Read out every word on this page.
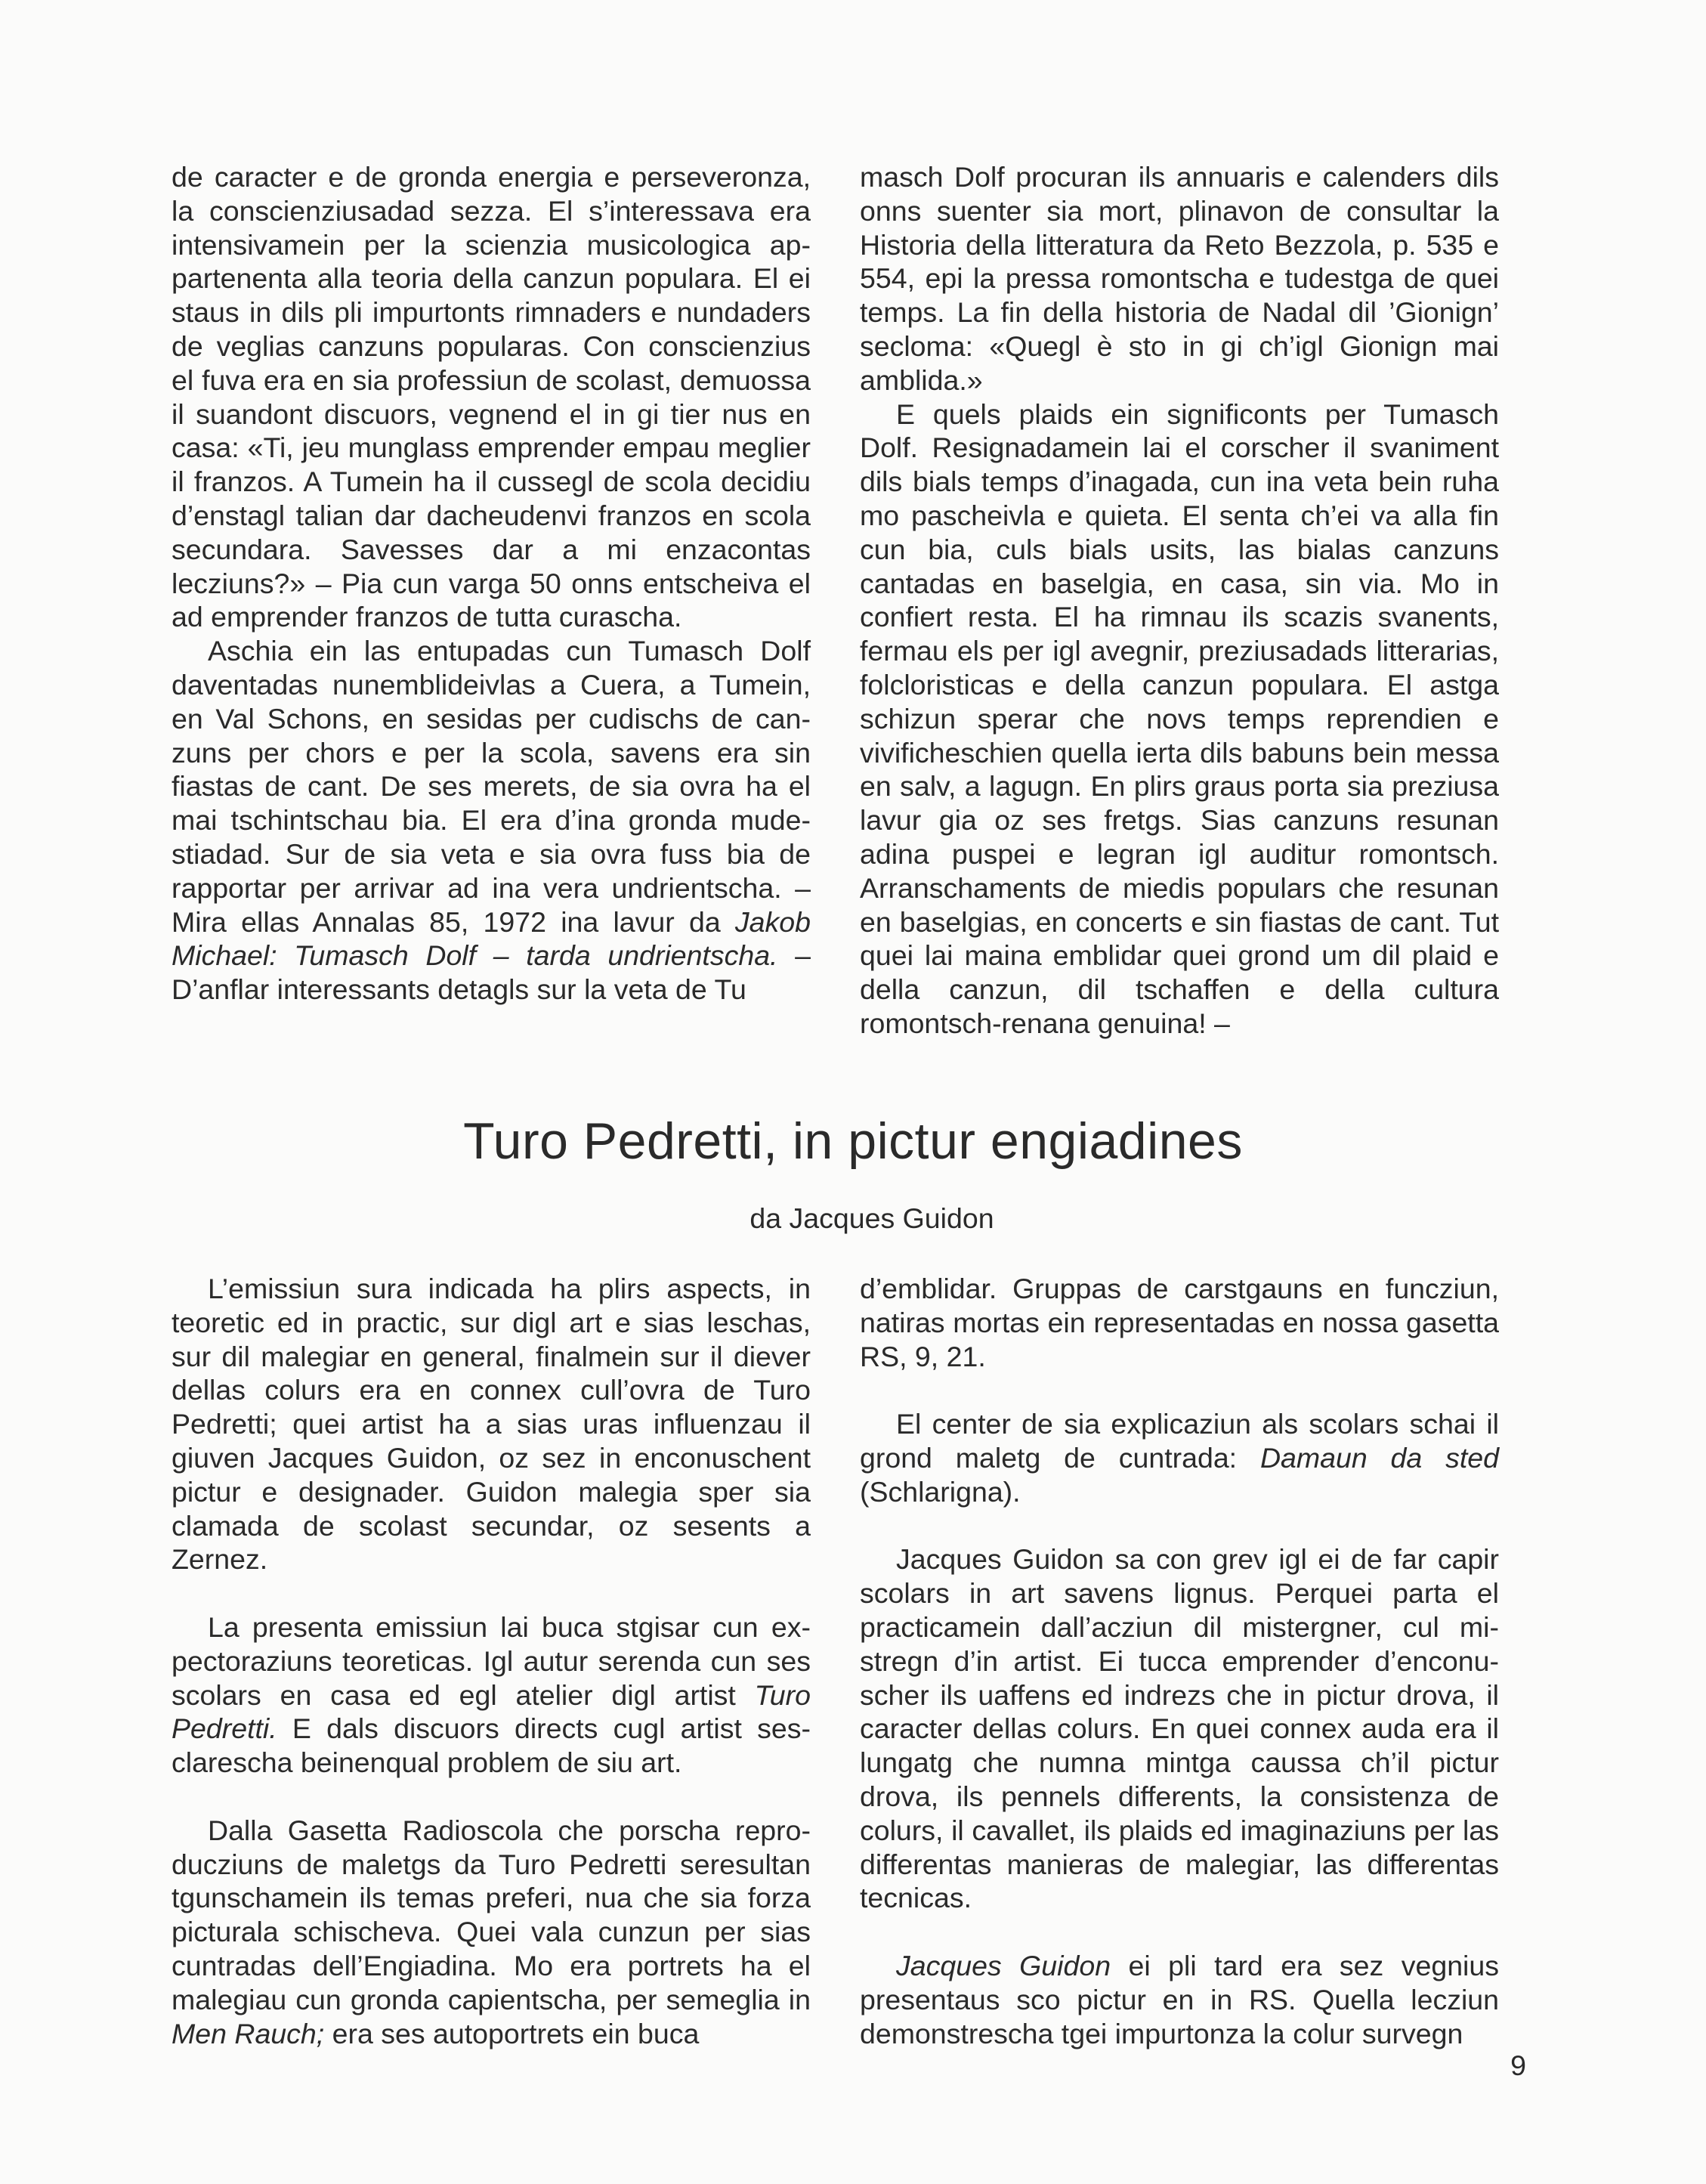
de caracter e de gronda energia e perseveronza, la conscienziusadad sezza. El s’interessava era intensivamein per la scienzia musicologica appartenenta alla teoria della canzun populara. El ei staus in dils pli impurtonts rimnaders e nundaders de veglias canzuns popularas. Con conscienzius el fuva era en sia professiun de scolast, demuossa il suandont discuors, vegnend el in gi tier nus en casa: «Ti, jeu munglass emprender empau meglier il franzos. A Tumein ha il cussegl de scola decidiu d’enstagl talian dar dacheudenvi franzos en scola secundara. Savesses dar a mi enzacontas lecziuns?» – Pia cun varga 50 onns entscheiva el ad emprender franzos de tutta curascha.

Aschia ein las entupadas cun Tumasch Dolf daventadas nunemblideivlas a Cuera, a Tumein, en Val Schons, en sesidas per cudischs de canzuns per chors e per la scola, savens era sin fiastas de cant. De ses merets, de sia ovra ha el mai tschintschau bia. El era d’ina gronda mudestiadad. Sur de sia veta e sia ovra fuss bia de rapportar per arrivar ad ina vera undrientscha. – Mira ellas Annalas 85, 1972 ina lavur da Jakob Michael: Tumasch Dolf – tarda undrientscha. – D’anflar interessants detagls sur la veta de Tu

masch Dolf procuran ils annuaris e calenders dils onns suenter sia mort, plinavon de consultar la Historia della litteratura da Reto Bezzola, p. 535 e 554, epi la pressa romontscha e tudestga de quei temps. La fin della historia de Nadal dil ’Gionign’ secloma: «Quegl è sto in gi ch’igl Gionign mai amblida.»

E quels plaids ein significonts per Tumasch Dolf. Resignadamein lai el corscher il svaniment dils bials temps d’inagada, cun ina veta bein ruha mo pascheivla e quieta. El senta ch’ei va alla fin cun bia, culs bials usits, las bialas canzuns cantadas en baselgia, en casa, sin via. Mo in confiert resta. El ha rimnau ils scazis svanents, fermau els per igl avegnir, preziusadads litterarias, folcloristicas e della canzun populara. El astga schizun sperar che novs temps reprendien e vivificheschien quella ierta dils babuns bein messa en salv, a lagugn. En plirs graus porta sia preziusa lavur gia oz ses fretgs. Sias canzuns resunan adina puspei e legran igl auditur romontsch. Arranschaments de miedis populars che resunan en baselgias, en concerts e sin fiastas de cant. Tut quei lai maina emblidar quei grond um dil plaid e della canzun, dil tschaffen e della cultura romontsch-renana genuina! –

Turo Pedretti, in pictur engiadines
da Jacques Guidon

L’emissiun sura indicada ha plirs aspects, in teoretic ed in practic, sur digl art e sias leschas, sur dil malegiar en general, finalmein sur il diever dellas colurs era en connex cull’ovra de Turo Pedretti; quei artist ha a sias uras influenzau il giuven Jacques Guidon, oz sez in enconuschent pictur e designader. Guidon malegia sper sia clamada de scolast secundar, oz sesents a Zernez.

La presenta emissiun lai buca stgisar cun expectoraziuns teoreticas. Igl autur serenda cun ses scolars en casa ed egl atelier digl artist Turo Pedretti. E dals discuors directs cugl artist sesclarescha beinenqual problem de siu art.

Dalla Gasetta Radioscola che porscha reproducziuns de maletgs da Turo Pedretti seresultan tgunschamein ils temas preferi, nua che sia forza picturala schischeva. Quei vala cunzun per sias cuntradas dell’Engiadina. Mo era portrets ha el malegiau cun gronda capientscha, per semeglia in Men Rauch; era ses autoportrets ein buca

d’emblidar. Gruppas de carstgauns en funcziun, natiras mortas ein representadas en nossa gasetta RS, 9, 21.

El center de sia explicaziun als scolars schai il grond maletg de cuntrada: Damaun da sted (Schlarigna).

Jacques Guidon sa con grev igl ei de far capir scolars in art savens lignus. Perquei parta el practicamein dall’acziun dil mistergner, cul mistregn d’in artist. Ei tucca emprender d’enconuscher ils uaffens ed indrezs che in pictur drova, il caracter dellas colurs. En quei connex auda era il lungatg che numna mintga caussa ch’il pictur drova, ils pennels differents, la consistenza de colurs, il cavallet, ils plaids ed imaginaziuns per las differentas manieras de malegiar, las differentas tecnicas.

Jacques Guidon ei pli tard era sez vegnius presentaus sco pictur en in RS. Quella lecziun demonstrescha tgei impurtonza la colur survegn

9
